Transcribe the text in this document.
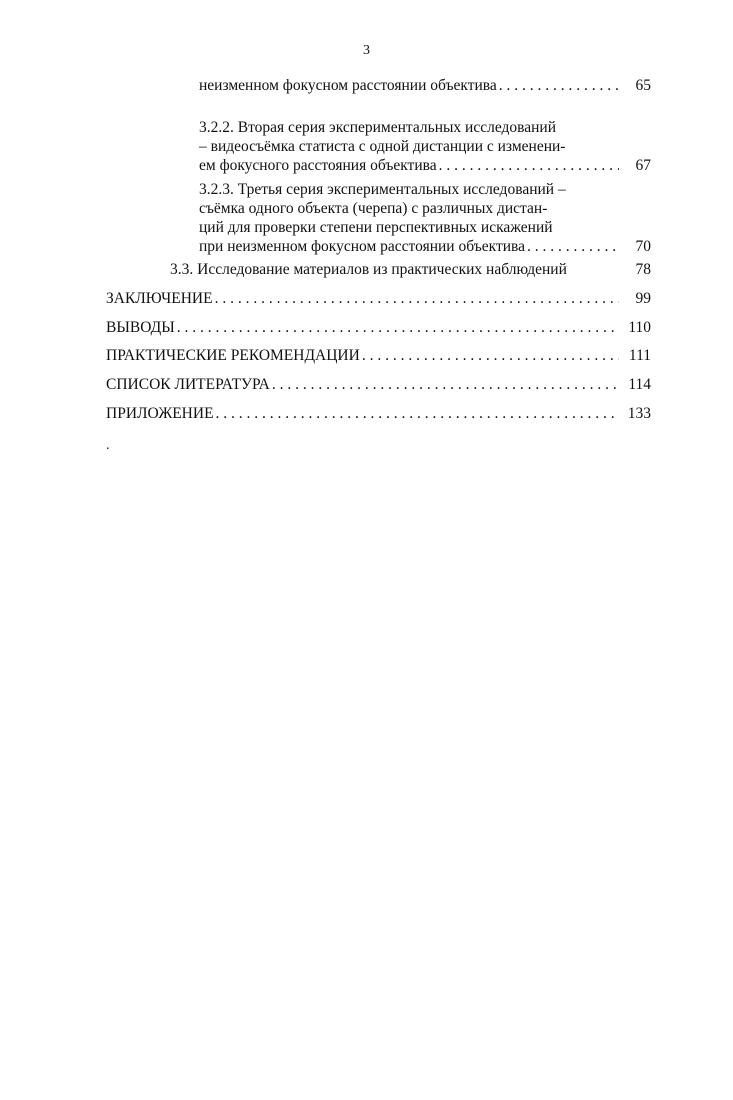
3
неизменном фокусном расстоянии объектива . . .	65
3.2.2. Вторая серия экспериментальных исследований
– видеосъёмка статиста с одной дистанции с изменени-
ем фокусного расстояния объектива . . .	67
3.2.3. Третья серия экспериментальных исследований –
съёмка одного объекта (черепа) с различных дистан-
ций для проверки степени перспективных искажений
при неизменном фокусном расстоянии объектива . . .	70
3.3. Исследование материалов из практических наблюдений	78
ЗАКЛЮЧЕНИЕ . . .	99
ВЫВОДЫ . . .	110
ПРАКТИЧЕСКИЕ РЕКОМЕНДАЦИИ . . .	111
СПИСОК ЛИТЕРАТУРА . . .	114
ПРИЛОЖЕНИЕ . . .	133
.
